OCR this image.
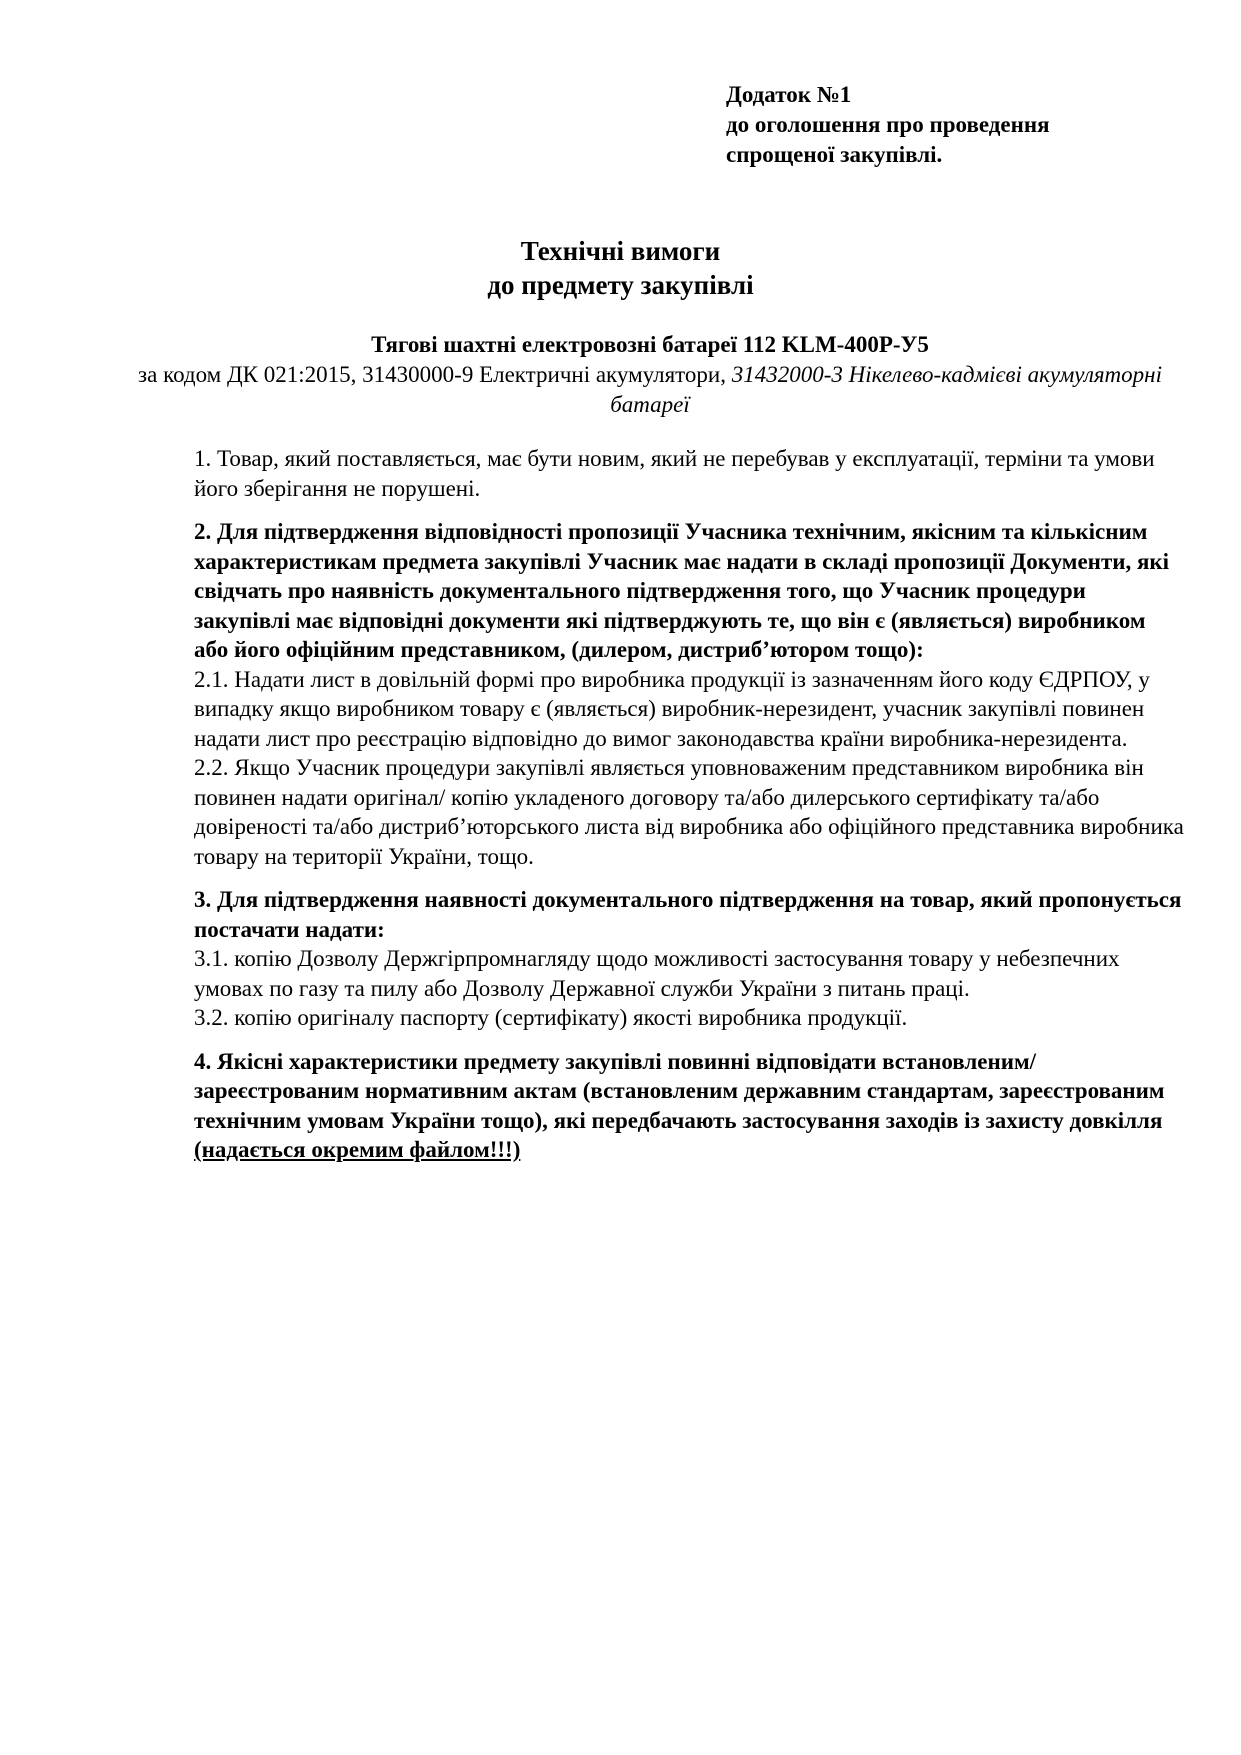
Додаток №1
до оголошення про проведення
спрощеної закупівлі.
Технічні вимоги
до предмету закупівлі
Тягові шахтні електровозні батареї 112 KLM-400P-У5
за кодом ДК 021:2015, 31430000-9 Електричні акумулятори, 31432000-3 Нікелево-кадмієві акумуляторні батареї

1. Товар, який поставляється, має бути новим, який не перебував у експлуатації, терміни та умови його зберігання не порушені.

2. Для підтвердження відповідності пропозиції Учасника технічним, якісним та кількісним характеристикам предмета закупівлі Учасник має надати в складі пропозиції Документи, які свідчать про наявність документального підтвердження того, що Учасник процедури закупівлі має відповідні документи які підтверджують те, що він є (являється) виробником або його офіційним представником, (дилером, дистриб’ютором тощо):

2.1. Надати лист в довільній формі про виробника продукції із зазначенням його коду ЄДРПОУ, у випадку якщо виробником товару є (являється) виробник-нерезидент, учасник закупівлі повинен надати лист про реєстрацію відповідно до вимог законодавства країни виробника-нерезидента.

2.2. Якщо Учасник процедури закупівлі являється уповноваженим представником виробника він повинен надати оригінал/ копію укладеного договору та/або дилерського сертифікату та/або довіреності та/або дистриб’юторського листа від виробника або офіційного представника виробника товару на території України, тощо.

3. Для підтвердження наявності документального підтвердження на товар, який пропонується постачати надати:

3.1. копію Дозволу Держгірпромнагляду щодо можливості застосування товару у небезпечних умовах по газу та пилу або Дозволу Державної служби України з питань праці.

3.2. копію оригіналу паспорту (сертифікату) якості виробника продукції.

4. Якісні характеристики предмету закупівлі повинні відповідати встановленим/зареєстрованим нормативним актам (встановленим державним стандартам, зареєстрованим технічним умовам України тощо), які передбачають застосування заходів із захисту довкілля (надається окремим файлом!!!)
